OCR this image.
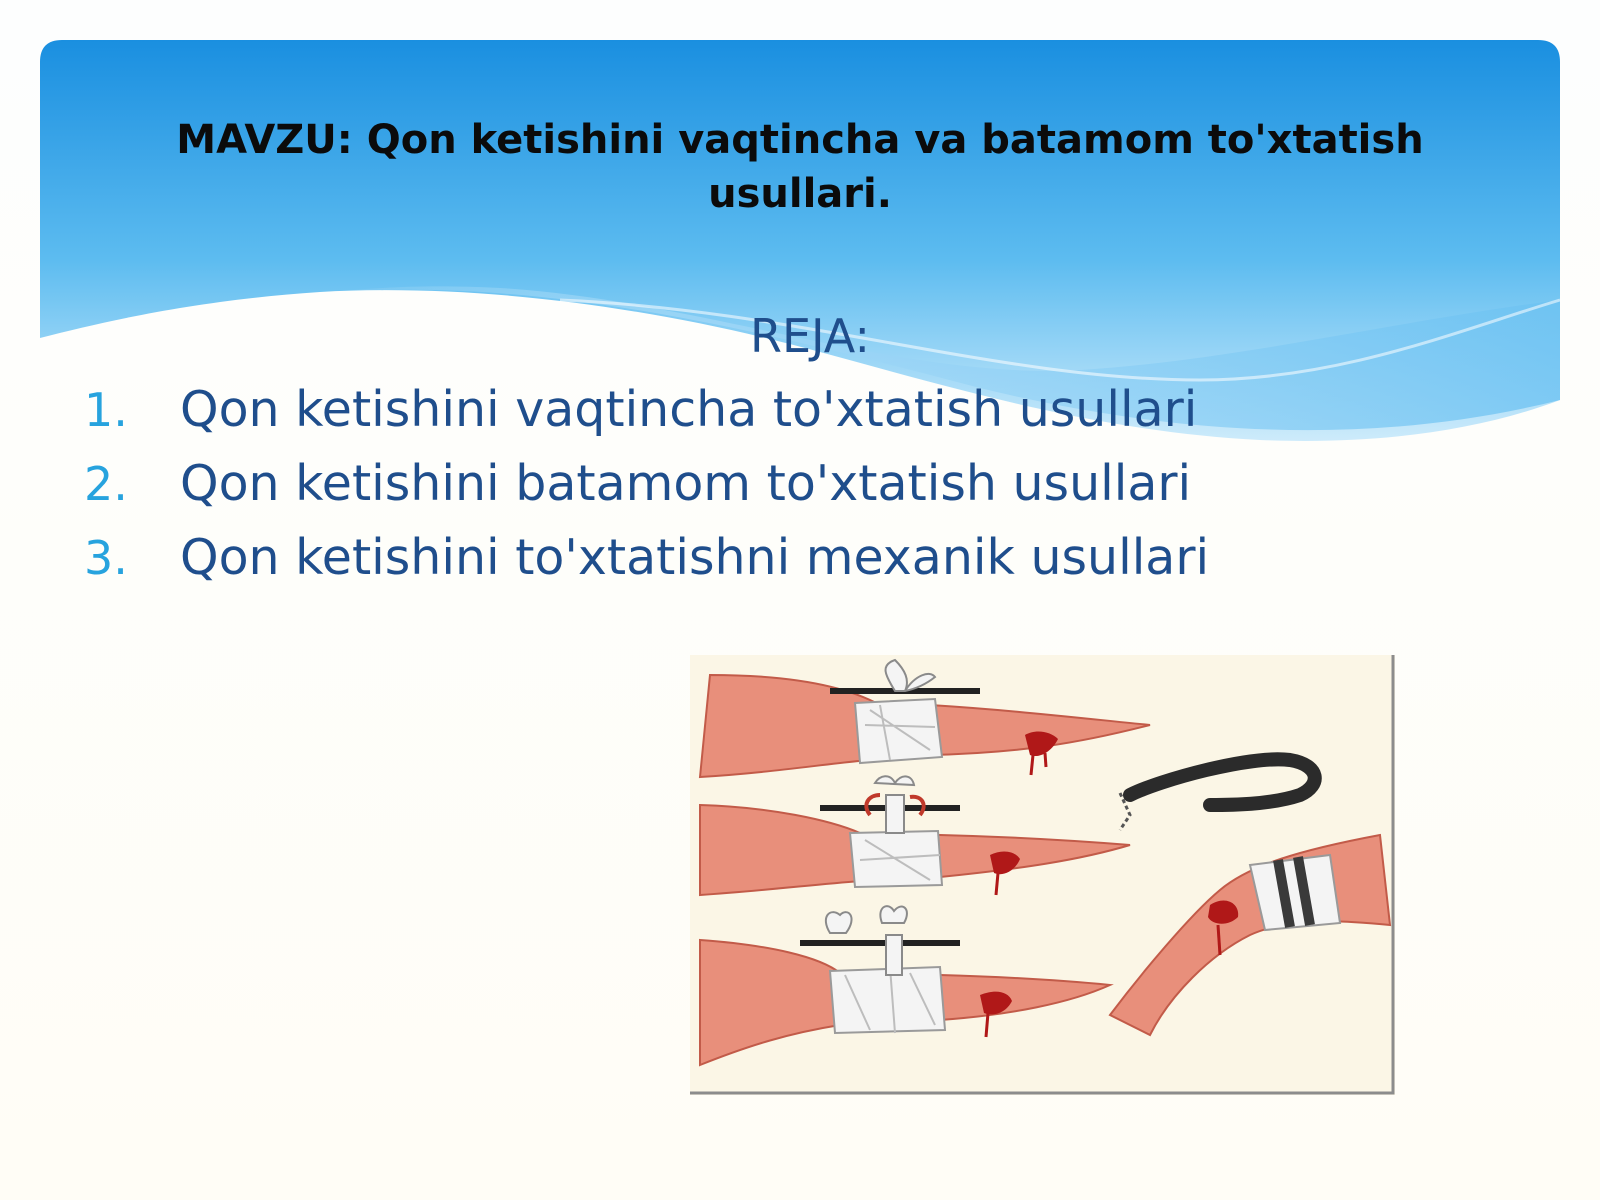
MAVZU: Qon ketishini vaqtincha va batamom to'xtatish usullari.
REJA:
1.	Qon ketishini vaqtincha to'xtatish usullari
2.	Qon ketishini batamom to'xtatish usullari
3.	Qon ketishini to'xtatishni mexanik usullari
